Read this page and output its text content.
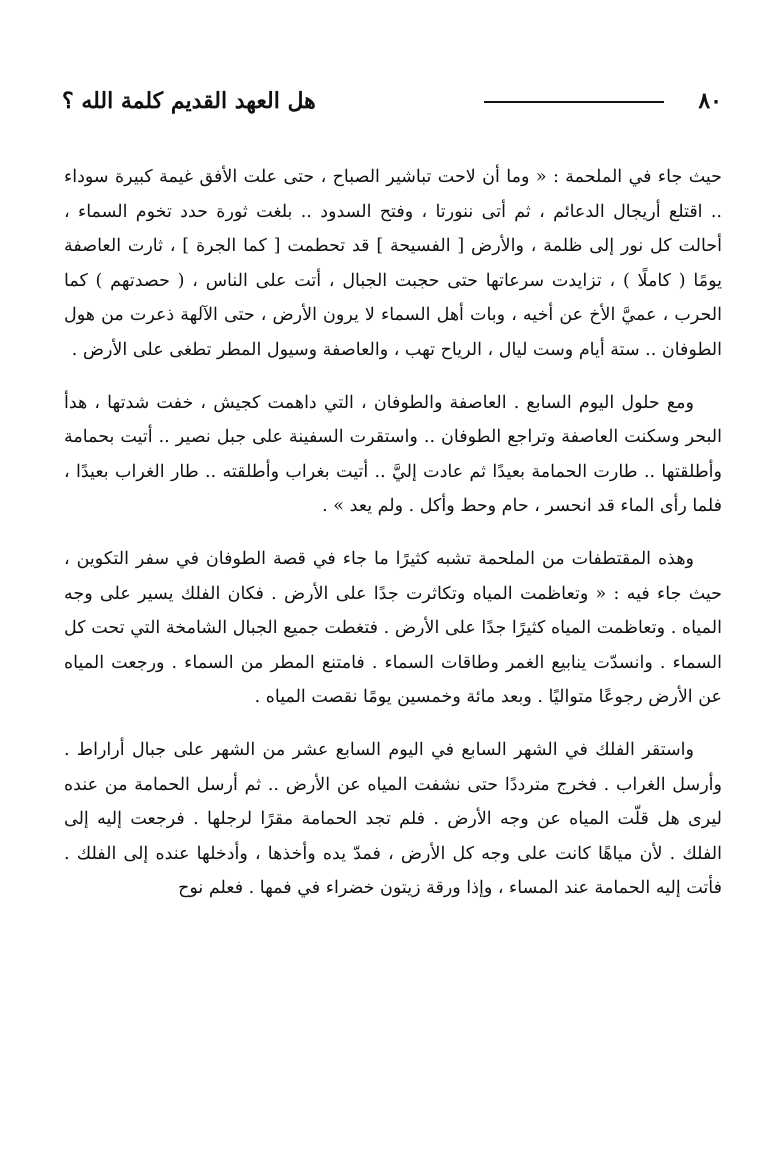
٨٠
هل العهد القديم كلمة الله ؟

حيث جاء في الملحمة : « وما أن لاحت تباشير الصباح ، حتى علت الأفق غيمة كبيرة سوداء .. اقتلع أريجال الدعائم ، ثم أتى ننورتا ، وفتح السدود .. بلغت ثورة حدد تخوم السماء ، أحالت كل نور إلى ظلمة ، والأرض [ الفسيحة ] قد تحطمت [ كما الجرة ] ، ثارت العاصفة يومًا ( كاملًا ) ، تزايدت سرعاتها حتى حجبت الجبال ، أتت على الناس ، ( حصدتهم ) كما الحرب ، عميَّ الأخ عن أخيه ، وبات أهل السماء لا يرون الأرض ، حتى الآلهة ذعرت من هول الطوفان .. ستة أيام وست ليال ، الرياح تهب ، والعاصفة وسيول المطر تطغى على الأرض .

ومع حلول اليوم السابع . العاصفة والطوفان ، التي داهمت كجيش ، خفت شدتها ، هدأ البحر وسكنت العاصفة وتراجع الطوفان .. واستقرت السفينة على جبل نصير .. أتيت بحمامة وأطلقتها .. طارت الحمامة بعيدًا ثم عادت إليَّ .. أتيت بغراب وأطلقته .. طار الغراب بعيدًا ، فلما رأى الماء قد انحسر ، حام وحط وأكل . ولم يعد » .

وهذه المقتطفات من الملحمة تشبه كثيرًا ما جاء في قصة الطوفان في سفر التكوين ، حيث جاء فيه : « وتعاظمت المياه وتكاثرت جدًا على الأرض . فكان الفلك يسير على وجه المياه . وتعاظمت المياه كثيرًا جدًا على الأرض . فتغطت جميع الجبال الشامخة التي تحت كل السماء . وانسدّت ينابيع الغمر وطاقات السماء . فامتنع المطر من السماء . ورجعت المياه عن الأرض رجوعًا متواليًا . وبعد مائة وخمسين يومًا نقصت المياه .

واستقر الفلك في الشهر السابع في اليوم السابع عشر من الشهر على جبال أراراط . وأرسل الغراب . فخرج مترددًا حتى نشفت المياه عن الأرض .. ثم أرسل الحمامة من عنده ليرى هل قلّت المياه عن وجه الأرض . فلم تجد الحمامة مقرًا لرجلها . فرجعت إليه إلى الفلك . لأن مياهًا كانت على وجه كل الأرض ، فمدّ يده وأخذها ، وأدخلها عنده إلى الفلك . فأتت إليه الحمامة عند المساء ، وإذا ورقة زيتون خضراء في فمها . فعلم نوح
